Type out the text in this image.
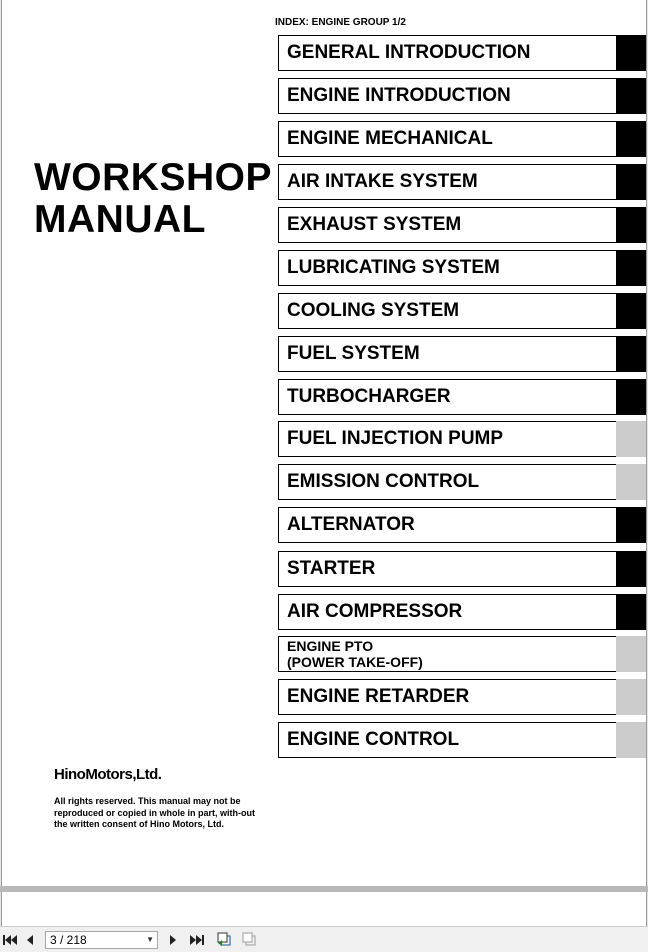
INDEX: ENGINE GROUP 1/2
WORKSHOP
MANUAL
GENERAL INTRODUCTION
ENGINE INTRODUCTION
ENGINE MECHANICAL
AIR INTAKE SYSTEM
EXHAUST SYSTEM
LUBRICATING SYSTEM
COOLING SYSTEM
FUEL SYSTEM
TURBOCHARGER
FUEL INJECTION PUMP
EMISSION CONTROL
ALTERNATOR
STARTER
AIR COMPRESSOR
ENGINE PTO
(POWER TAKE-OFF)
ENGINE RETARDER
ENGINE CONTROL
HinoMotors,Ltd.
All rights reserved. This manual may not be reproduced or copied in whole in part, with-out the written consent of Hino Motors, Ltd.
3 / 218	▼
